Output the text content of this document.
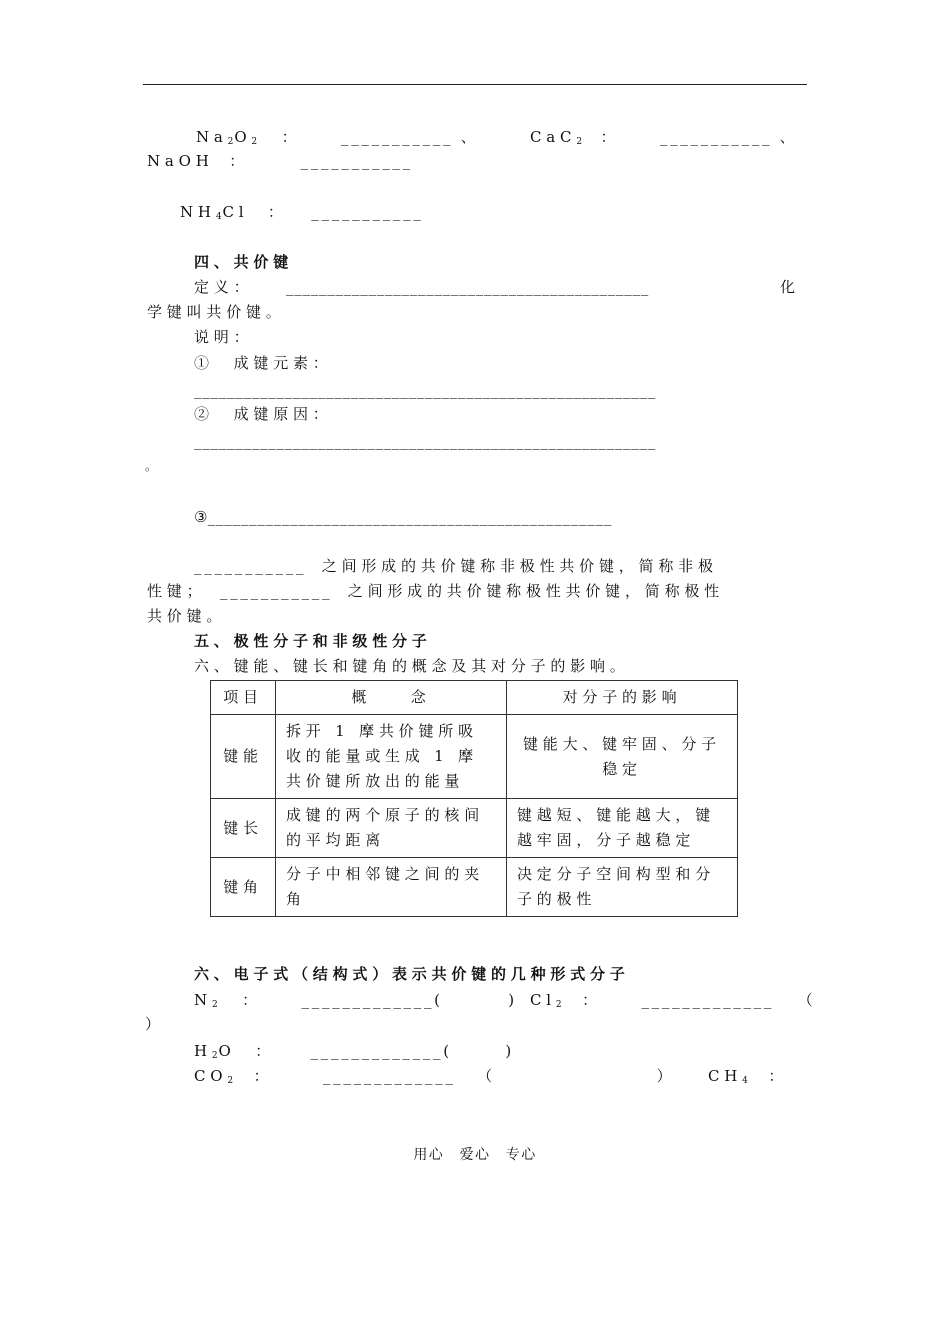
$Na_2O_2$ ：	___________ 、	CaC$_2$ ：	___________ 、
NaOH ：	___________
$NH_4Cl$ ： ___________
四、共价键
定义： ____________________________________________	化
学键叫共价键。
说明：
①　成键元素：
________________________________________________________
②　成键原因：
________________________________________________________
。
③_________________________________________________
___________ 之间形成的共价键称非极性共价键，简称非极
性键； ___________ 之间形成的共价键称极性共价键，简称极性
共价键。
五、极性分子和非级性分子
六、键能、键长和键角的概念及其对分子的影响。
项目	概　　念	对分子的影响
键能	拆开 1 摩共价键所吸收的能量或生成 1 摩共价键所放出的能量	键能大、键牢固、分子稳定
键长	成键的两个原子的核间的平均距离	键越短、键能越大，键越牢固，分子越稳定
键角	分子中相邻键之间的夹角	决定分子空间构型和分子的极性
六、电子式（结构式）表示共价键的几种形式分子
$N_2$ ：	_____________(	) $Cl_2$ ：	_____________ （
）
$H_2O$ ： _____________(	)
$CO_2$ ：	_____________ （	） $CH_4$ ：
用心　爱心　专心
